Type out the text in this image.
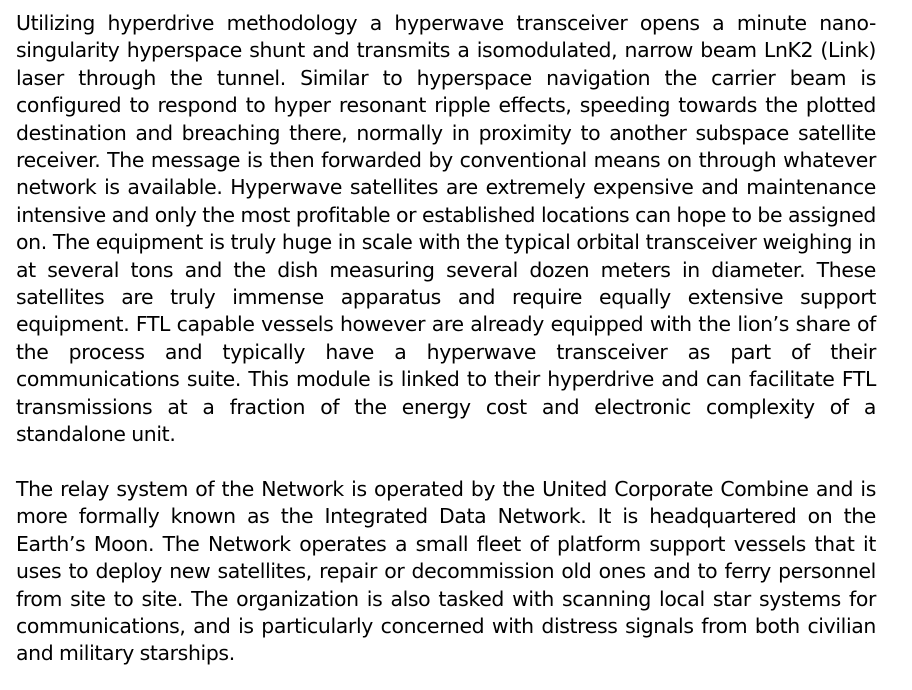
Utilizing hyperdrive methodology a hyperwave transceiver opens a minute nano-singularity hyperspace shunt and transmits a isomodulated, narrow beam LnK2 (Link) laser through the tunnel. Similar to hyperspace navigation the carrier beam is configured to respond to hyper resonant ripple effects, speeding towards the plotted destination and breaching there, normally in proximity to another subspace satellite receiver. The message is then forwarded by conventional means on through whatever network is available. Hyperwave satellites are extremely expensive and maintenance intensive and only the most profitable or established locations can hope to be assigned on. The equipment is truly huge in scale with the typical orbital transceiver weighing in at several tons and the dish measuring several dozen meters in diameter. These satellites are truly immense apparatus and require equally extensive support equipment. FTL capable vessels however are already equipped with the lion’s share of the process and typically have a hyperwave transceiver as part of their communications suite. This module is linked to their hyperdrive and can facilitate FTL transmissions at a fraction of the energy cost and electronic complexity of a standalone unit.

The relay system of the Network is operated by the United Corporate Combine and is more formally known as the Integrated Data Network. It is headquartered on the Earth’s Moon. The Network operates a small fleet of platform support vessels that it uses to deploy new satellites, repair or decommission old ones and to ferry personnel from site to site. The organization is also tasked with scanning local star systems for communications, and is particularly concerned with distress signals from both civilian and military starships.
